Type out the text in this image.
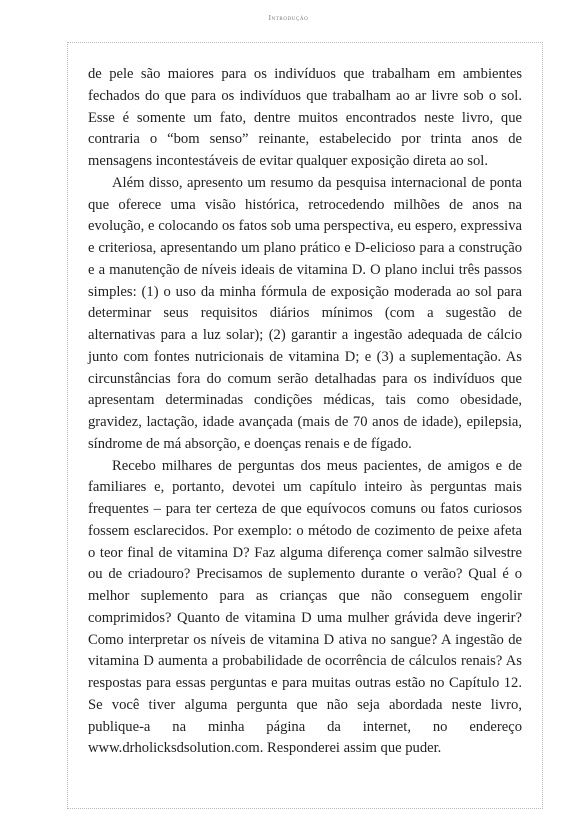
Introdução

de pele são maiores para os indivíduos que trabalham em ambientes fechados do que para os indivíduos que trabalham ao ar livre sob o sol. Esse é somente um fato, dentre muitos encontrados neste livro, que contraria o “bom senso” reinante, estabelecido por trinta anos de mensagens incontestáveis de evitar qualquer exposição direta ao sol.

Além disso, apresento um resumo da pesquisa internacional de ponta que oferece uma visão histórica, retrocedendo milhões de anos na evolução, e colocando os fatos sob uma perspectiva, eu espero, expressiva e criteriosa, apresentando um plano prático e D-elicioso para a construção e a manutenção de níveis ideais de vitamina D. O plano inclui três passos simples: (1) o uso da minha fórmula de exposição moderada ao sol para determinar seus requisitos diários mínimos (com a sugestão de alternativas para a luz solar); (2) garantir a ingestão adequada de cálcio junto com fontes nutricionais de vitamina D; e (3) a suplementação. As circunstâncias fora do comum serão detalhadas para os indivíduos que apresentam determinadas condições médicas, tais como obesidade, gravidez, lactação, idade avançada (mais de 70 anos de idade), epilepsia, síndrome de má absorção, e doenças renais e de fígado.

Recebo milhares de perguntas dos meus pacientes, de amigos e de familiares e, portanto, devotei um capítulo inteiro às perguntas mais frequentes – para ter certeza de que equívocos comuns ou fatos curiosos fossem esclarecidos. Por exemplo: o método de cozimento de peixe afeta o teor final de vitamina D? Faz alguma diferença comer salmão silvestre ou de criadouro? Precisamos de suplemento durante o verão? Qual é o melhor suplemento para as crianças que não conseguem engolir comprimidos? Quanto de vitamina D uma mulher grávida deve ingerir? Como interpretar os níveis de vitamina D ativa no sangue? A ingestão de vitamina D aumenta a probabilidade de ocorrência de cálculos renais? As respostas para essas perguntas e para muitas outras estão no Capítulo 12. Se você tiver alguma pergunta que não seja abordada neste livro, publique-a na minha página da internet, no endereço www.drholicksdsolution.com. Responderei assim que puder.
